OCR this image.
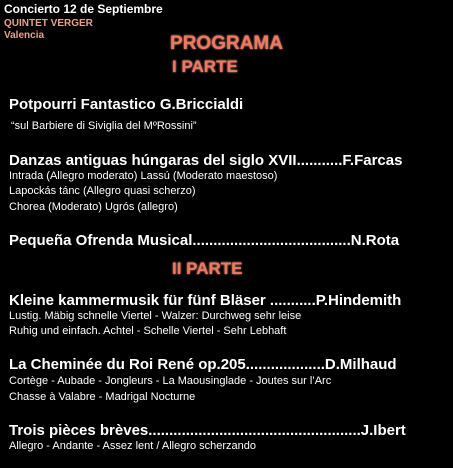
Concierto 12 de Septiembre
QUINTET VERGER
Valencia	PROGRAMA
I PARTE
Potpourri Fantastico G.Briccialdi
“sul Barbiere di Siviglia del MºRossini”
Danzas antiguas húngaras del siglo XVII...........F.Farcas
Intrada (Allegro moderato) Lassú (Moderato maestoso)
Lapockás tánc (Allegro quasi scherzo)
Chorea (Moderato) Ugrós (allegro)
Pequeña Ofrenda Musical......................................N.Rota
II PARTE
Kleine kammermusik für fünf Bläser ...........P.Hindemith
Lustig. Mäbig schnelle Viertel - Walzer: Durchweg sehr leise
Ruhig und einfach. Achtel - Schelle Viertel - Sehr Lebhaft
La Cheminée du Roi René op.205...................D.Milhaud
Cortège - Aubade - Jongleurs - La Maousinglade - Joutes sur l’Arc
Chasse à Valabre - Madrigal Nocturne
Trois pièces brèves...................................................J.Ibert
Allegro - Andante - Assez lent / Allegro scherzando
